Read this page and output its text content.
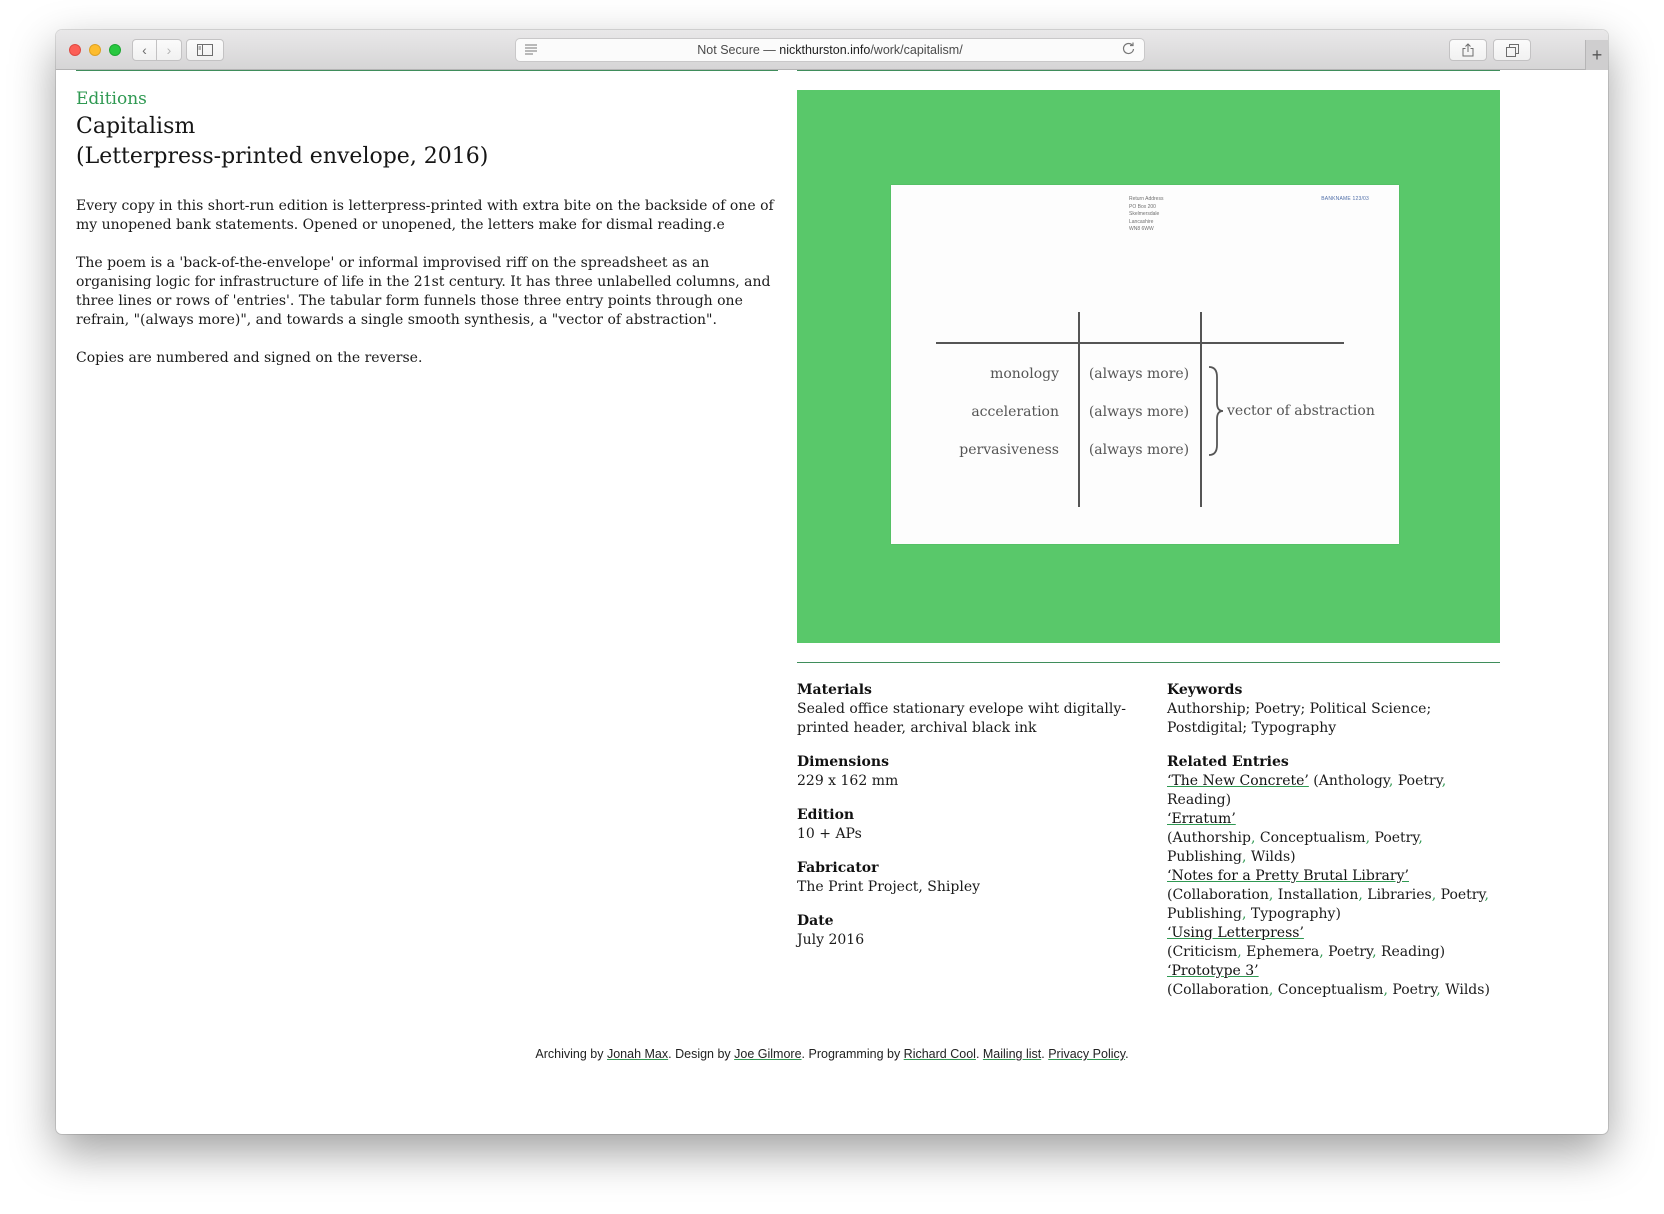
‹ ›	Not Secure —
nickthurston.info /work/capitalism/	+
Editions
Capitalism
(Letterpress-printed envelope, 2016)

Every copy in this short-run edition is letterpress-printed with extra bite on the backside of one of my unopened bank statements. Opened or unopened, the letters make for dismal reading.e

The poem is a 'back-of-the-envelope' or informal improvised riff on the spreadsheet as an organising logic for infrastructure of life in the 21st century. It has three unlabelled columns, and three lines or rows of 'entries'. The tabular form funnels those three entry points through one refrain, "(always more)", and towards a single smooth synthesis, a "vector of abstraction".

Copies are numbered and signed on the reverse.

Return Address
PO Box 200
Skelmersdale
Lancashire
WN8 6WW
BANKNAME 123/03
monology
acceleration
pervasiveness
(always more)
(always more)
(always more)
vector of abstraction
Materials
Sealed office stationary evelope wiht digitally-printed header, archival black ink
Dimensions
229 x 162 mm
Edition
10 + APs
Fabricator
The Print Project, Shipley
Date
July 2016
Keywords
Authorship; Poetry; Political Science; Postdigital; Typography
Related Entries
‘The New Concrete’ (Anthology, Poetry, Reading)
‘Erratum’
(Authorship, Conceptualism, Poetry, Publishing, Wilds)
‘Notes for a Pretty Brutal Library’
(Collaboration, Installation, Libraries, Poetry, Publishing, Typography)
‘Using Letterpress’
(Criticism, Ephemera, Poetry, Reading)
‘Prototype 3’
(Collaboration, Conceptualism, Poetry, Wilds)
Archiving by Jonah Max. Design by Joe Gilmore. Programming by Richard Cool. Mailing list. Privacy Policy.
